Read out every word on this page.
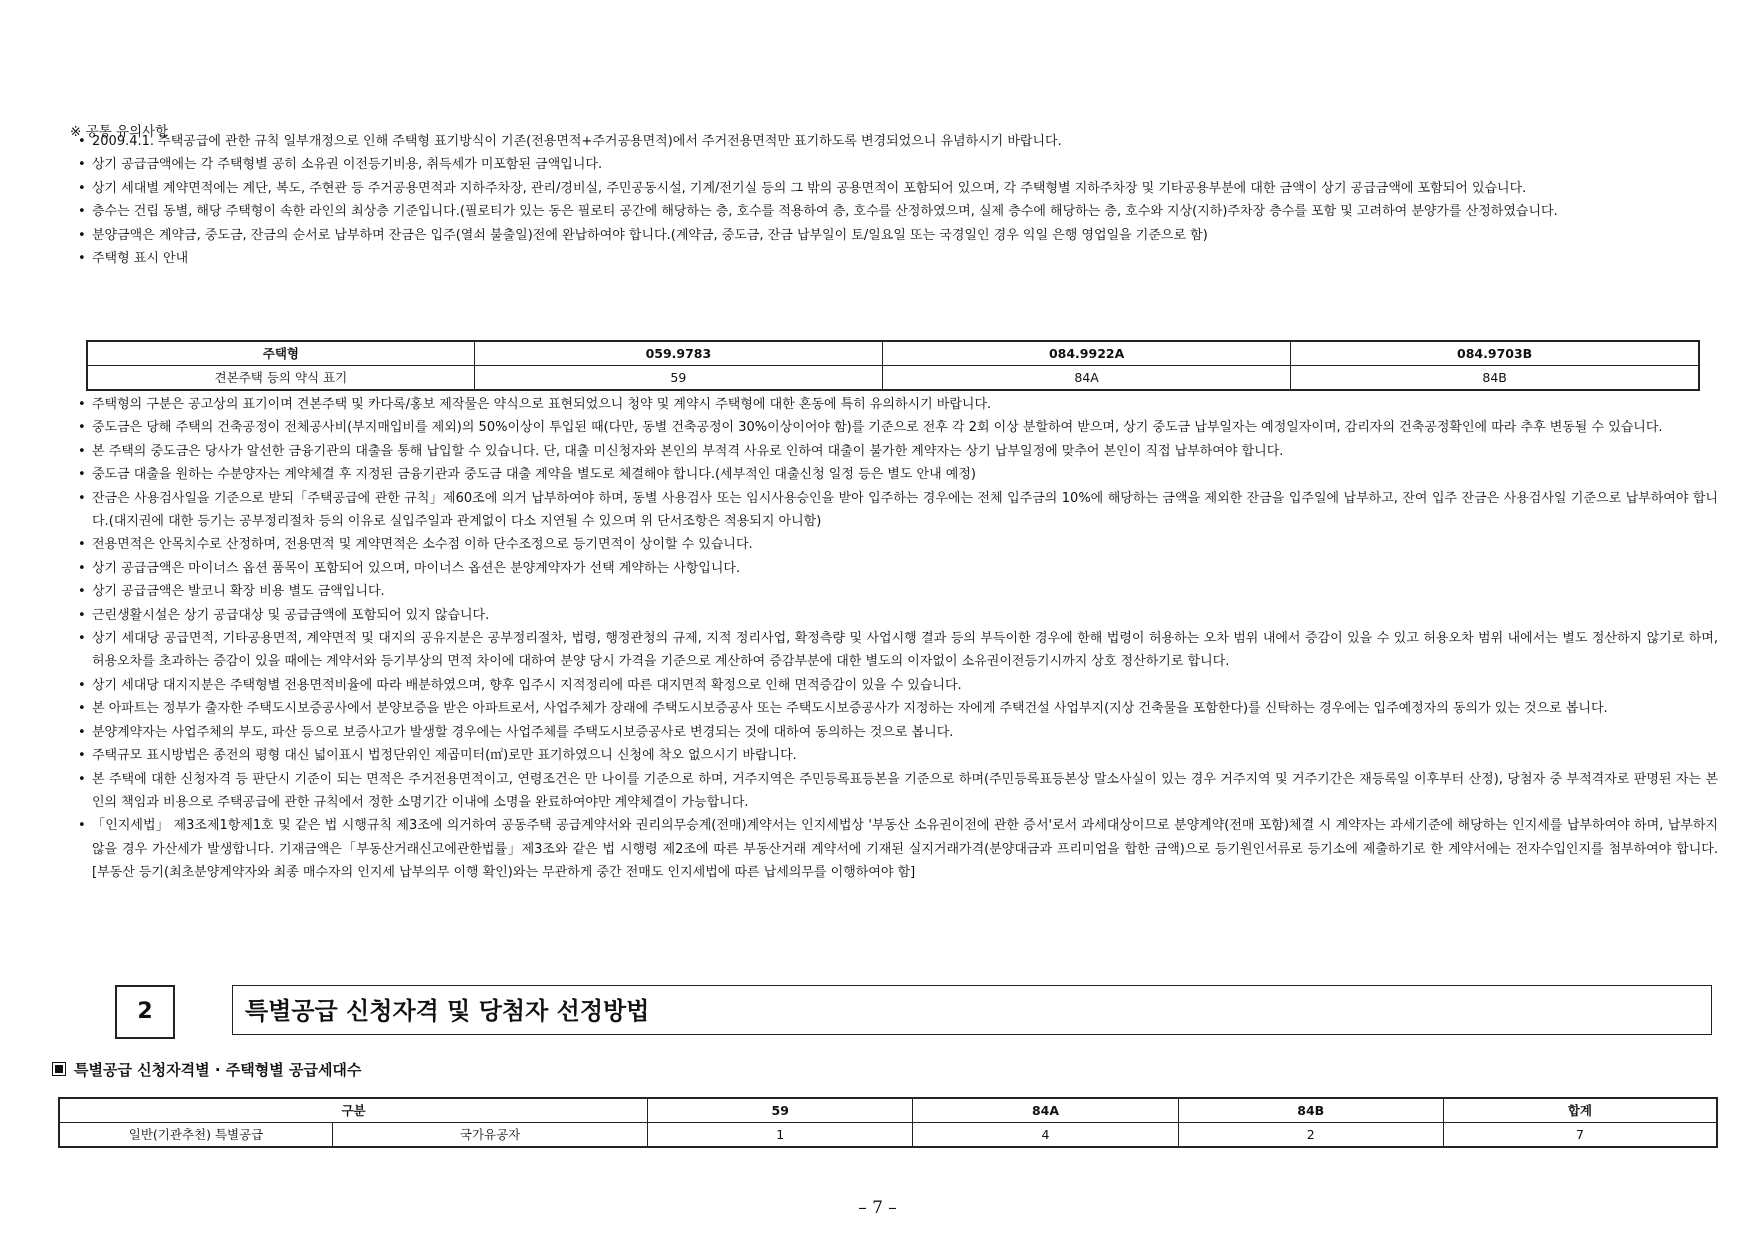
※ 공통 유의사항
• 2009.4.1. 주택공급에 관한 규칙 일부개정으로 인해 주택형 표기방식이 기존(전용면적+주거공용면적)에서 주거전용면적만 표기하도록 변경되었으니 유념하시기 바랍니다.
• 상기 공급금액에는 각 주택형별 공히 소유권 이전등기비용, 취득세가 미포함된 금액입니다.
• 상기 세대별 계약면적에는 계단, 복도, 주현관 등 주거공용면적과 지하주차장, 관리/경비실, 주민공동시설, 기계/전기실 등의 그 밖의 공용면적이 포함되어 있으며, 각 주택형별 지하주차장 및 기타공용부분에 대한 금액이 상기 공급금액에 포함되어 있습니다.
• 층수는 건립 동별, 해당 주택형이 속한 라인의 최상층 기준입니다.(필로티가 있는 동은 필로티 공간에 해당하는 층, 호수를 적용하여 층, 호수를 산정하였으며, 실제 층수에 해당하는 층, 호수와 지상(지하)주차장 층수를 포함 및 고려하여 분양가를 산정하였습니다.
• 분양금액은 계약금, 중도금, 잔금의 순서로 납부하며 잔금은 입주(열쇠 불출일)전에 완납하여야 합니다.(계약금, 중도금, 잔금 납부일이 토/일요일 또는 국경일인 경우 익일 은행 영업일을 기준으로 함)
• 주택형 표시 안내
주택형	059.9783	084.9922A	084.9703B
견본주택 등의 약식 표기	59	84A	84B
• 주택형의 구분은 공고상의 표기이며 견본주택 및 카다록/홍보 제작물은 약식으로 표현되었으니 청약 및 계약시 주택형에 대한 혼동에 특히 유의하시기 바랍니다.
• 중도금은 당해 주택의 건축공정이 전체공사비(부지매입비를 제외)의 50%이상이 투입된 때(다만, 동별 건축공정이 30%이상이어야 함)를 기준으로 전후 각 2회 이상 분할하여 받으며, 상기 중도금 납부일자는 예정일자이며, 감리자의 건축공정확인에 따라 추후 변동될 수 있습니다.
• 본 주택의 중도금은 당사가 알선한 금융기관의 대출을 통해 납입할 수 있습니다. 단, 대출 미신청자와 본인의 부적격 사유로 인하여 대출이 불가한 계약자는 상기 납부일정에 맞추어 본인이 직접 납부하여야 합니다.
• 중도금 대출을 원하는 수분양자는 계약체결 후 지정된 금융기관과 중도금 대출 계약을 별도로 체결해야 합니다.(세부적인 대출신청 일정 등은 별도 안내 예정)
• 잔금은 사용검사일을 기준으로 받되「주택공급에 관한 규칙」제60조에 의거 납부하여야 하며, 동별 사용검사 또는 임시사용승인을 받아 입주하는 경우에는 전체 입주금의 10%에 해당하는 금액을 제외한 잔금을 입주일에 납부하고, 잔여 입주 잔금은 사용검사일 기준으로 납부하여야 합니다.(대지권에 대한 등기는 공부정리절차 등의 이유로 실입주일과 관계없이 다소 지연될 수 있으며 위 단서조항은 적용되지 아니함)
• 전용면적은 안목치수로 산정하며, 전용면적 및 계약면적은 소수점 이하 단수조정으로 등기면적이 상이할 수 있습니다.
• 상기 공급금액은 마이너스 옵션 품목이 포함되어 있으며, 마이너스 옵션은 분양계약자가 선택 계약하는 사항입니다.
• 상기 공급금액은 발코니 확장 비용 별도 금액입니다.
• 근린생활시설은 상기 공급대상 및 공급금액에 포함되어 있지 않습니다.
• 상기 세대당 공급면적, 기타공용면적, 계약면적 및 대지의 공유지분은 공부정리절차, 법령, 행정관청의 규제, 지적 정리사업, 확정측량 및 사업시행 결과 등의 부득이한 경우에 한해 법령이 허용하는 오차 범위 내에서 증감이 있을 수 있고 허용오차 범위 내에서는 별도 정산하지 않기로 하며, 허용오차를 초과하는 증감이 있을 때에는 계약서와 등기부상의 면적 차이에 대하여 분양 당시 가격을 기준으로 계산하여 증감부분에 대한 별도의 이자없이 소유권이전등기시까지 상호 정산하기로 합니다.
• 상기 세대당 대지지분은 주택형별 전용면적비율에 따라 배분하였으며, 향후 입주시 지적정리에 따른 대지면적 확정으로 인해 면적증감이 있을 수 있습니다.
• 본 아파트는 정부가 출자한 주택도시보증공사에서 분양보증을 받은 아파트로서, 사업주체가 장래에 주택도시보증공사 또는 주택도시보증공사가 지정하는 자에게 주택건설 사업부지(지상 건축물을 포함한다)를 신탁하는 경우에는 입주예정자의 동의가 있는 것으로 봅니다.
• 분양계약자는 사업주체의 부도, 파산 등으로 보증사고가 발생할 경우에는 사업주체를 주택도시보증공사로 변경되는 것에 대하여 동의하는 것으로 봅니다.
• 주택규모 표시방법은 종전의 평형 대신 넓이표시 법정단위인 제곱미터(㎡)로만 표기하였으니 신청에 착오 없으시기 바랍니다.
• 본 주택에 대한 신청자격 등 판단시 기준이 되는 면적은 주거전용면적이고, 연령조건은 만 나이를 기준으로 하며, 거주지역은 주민등록표등본을 기준으로 하며(주민등록표등본상 말소사실이 있는 경우 거주지역 및 거주기간은 재등록일 이후부터 산정), 당첨자 중 부적격자로 판명된 자는 본인의 책임과 비용으로 주택공급에 관한 규칙에서 정한 소명기간 이내에 소명을 완료하여야만 계약체결이 가능합니다.
• 「인지세법」 제3조제1항제1호 및 같은 법 시행규칙 제3조에 의거하여 공동주택 공급계약서와 권리의무승계(전매)계약서는 인지세법상 '부동산 소유권이전에 관한 증서'로서 과세대상이므로 분양계약(전매 포함)체결 시 계약자는 과세기준에 해당하는 인지세를 납부하여야 하며, 납부하지 않을 경우 가산세가 발생합니다. 기재금액은「부동산거래신고에관한법률」제3조와 같은 법 시행령 제2조에 따른 부동산거래 계약서에 기재된 실지거래가격(분양대금과 프리미엄을 합한 금액)으로 등기원인서류로 등기소에 제출하기로 한 계약서에는 전자수입인지를 첨부하여야 합니다. [부동산 등기(최초분양계약자와 최종 매수자의 인지세 납부의무 이행 확인)와는 무관하게 중간 전매도 인지세법에 따른 납세의무를 이행하여야 함]
2	특별공급 신청자격 및 당첨자 선정방법
특별공급 신청자격별 · 주택형별 공급세대수
구분		59	84A	84B	합계
일반(기관추천) 특별공급	국가유공자	1	4	2	7
– 7 –
